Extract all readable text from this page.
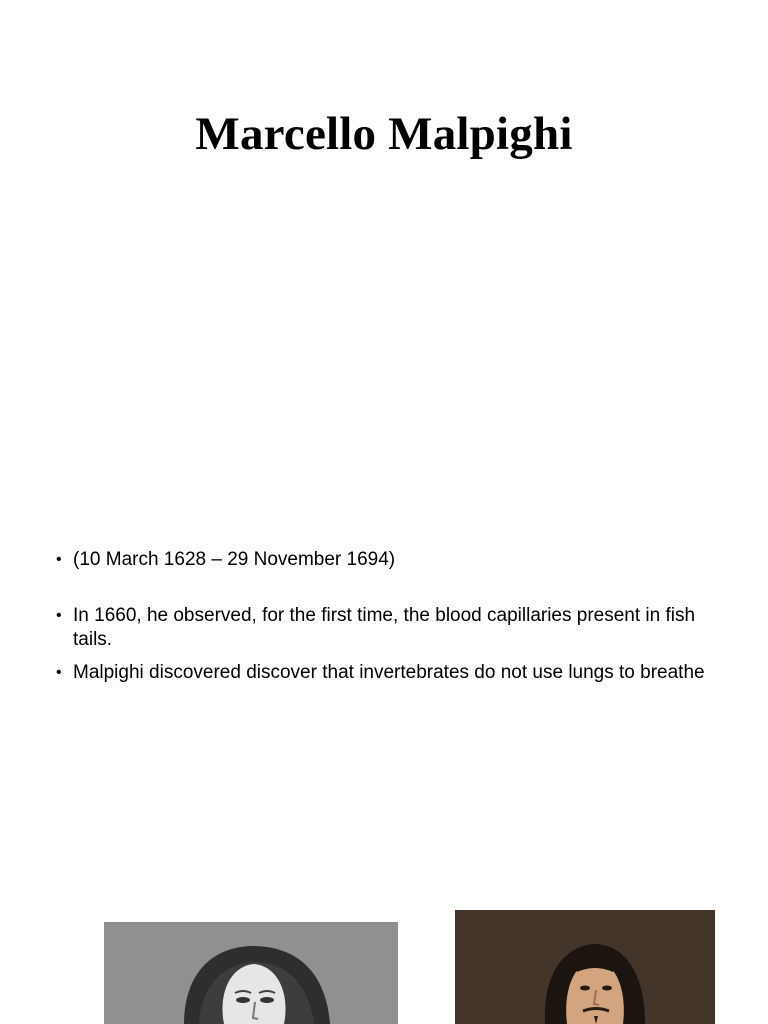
Marcello Malpighi
• (10 March 1628 – 29 November 1694)
• In 1660, he observed, for the first time, the blood capillaries present in fish tails.
• Malpighi discovered discover that invertebrates do not use lungs to breathe
